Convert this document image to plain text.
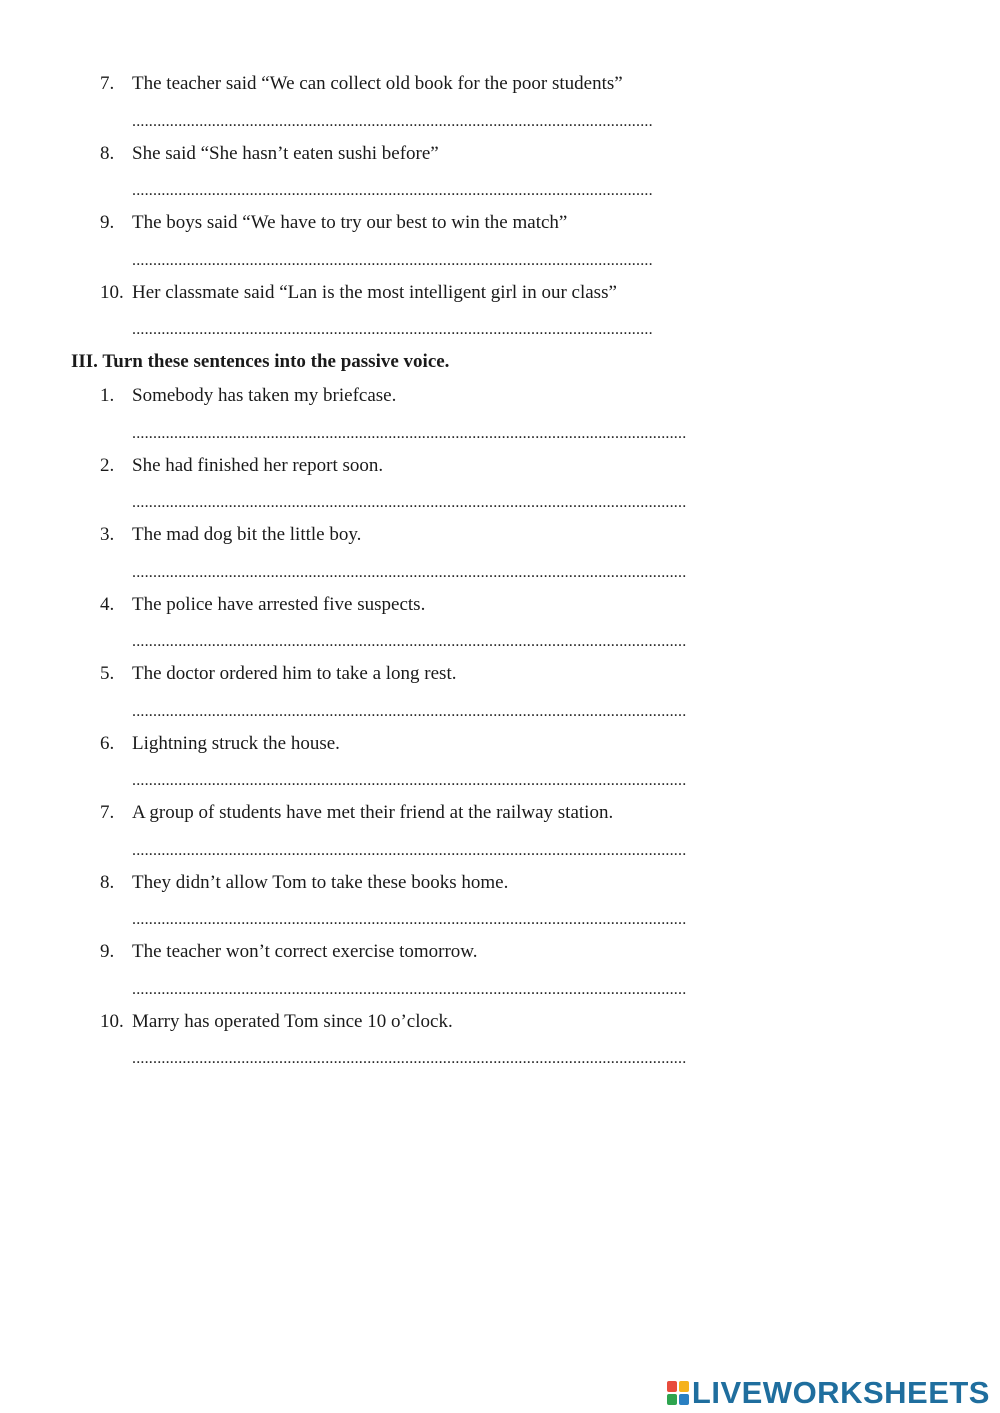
7. The teacher said “We can collect old book for the poor students”
............................................................................................................................
8. She said “She hasn’t eaten sushi before”
............................................................................................................................
9. The boys said “We have to try our best to win the match”
............................................................................................................................
10. Her classmate said “Lan is the most intelligent girl in our class”
............................................................................................................................
III. Turn these sentences into the passive voice.
1. Somebody has taken my briefcase.
....................................................................................................................................
2. She had finished her report soon.
....................................................................................................................................
3. The mad dog bit the little boy.
....................................................................................................................................
4. The police have arrested five suspects.
....................................................................................................................................
5. The doctor ordered him to take a long rest.
....................................................................................................................................
6. Lightning struck the house.
....................................................................................................................................
7. A group of students have met their friend at the railway station.
....................................................................................................................................
8. They didn’t allow Tom to take these books home.
....................................................................................................................................
9. The teacher won’t correct exercise tomorrow.
....................................................................................................................................
10. Marry has operated Tom since 10 o’clock.
....................................................................................................................................
LIVEWORKSHEETS
